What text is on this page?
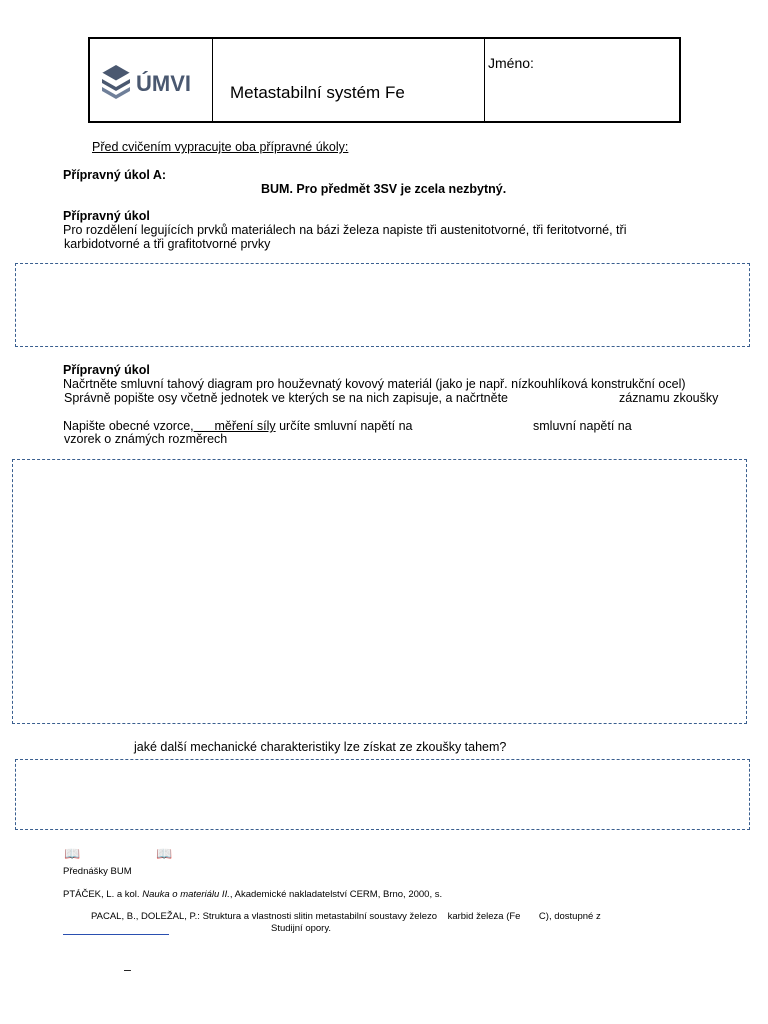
ÚMVI Metastabilní systém Fe
Jméno:
Před cvičením vypracujte oba přípravné úkoly:
Přípravný úkol A:
BUM. Pro předmět 3SV je zcela nezbytný.
Přípravný úkol
Pro rozdělení legujících prvků materiálech na bázi železa napiste tři austenitotvorné, tři feritotvorné, tři
karbidotvorné a tři grafitotvorné prvky
Přípravný úkol
Načrtněte smluvní tahový diagram pro houževnatý kovový materiál (jako je např. nízkouhlíková konstrukční ocel)
Správně popište osy včetně jednotek ve kterých se na nich zapisuje, a načrtněte	záznamu zkoušky
Napište obecné vzorce,      měření síly určíte smluvní napětí na	smluvní napětí na
vzorek o známých rozměrech
jaké další mechanické charakteristiky lze získat ze zkoušky tahem?
📖	📖
Přednášky BUM
PTÁČEK, L. a kol. Nauka o materiálu II., Akademické nakladatelství CERM, Brno, 2000, s.
PACAL, B., DOLEŽAL, P.: Struktura a vlastnosti slitin metastabilní soustavy železo    karbid železa (Fe       C), dostupné z
Studijní opory.
–
